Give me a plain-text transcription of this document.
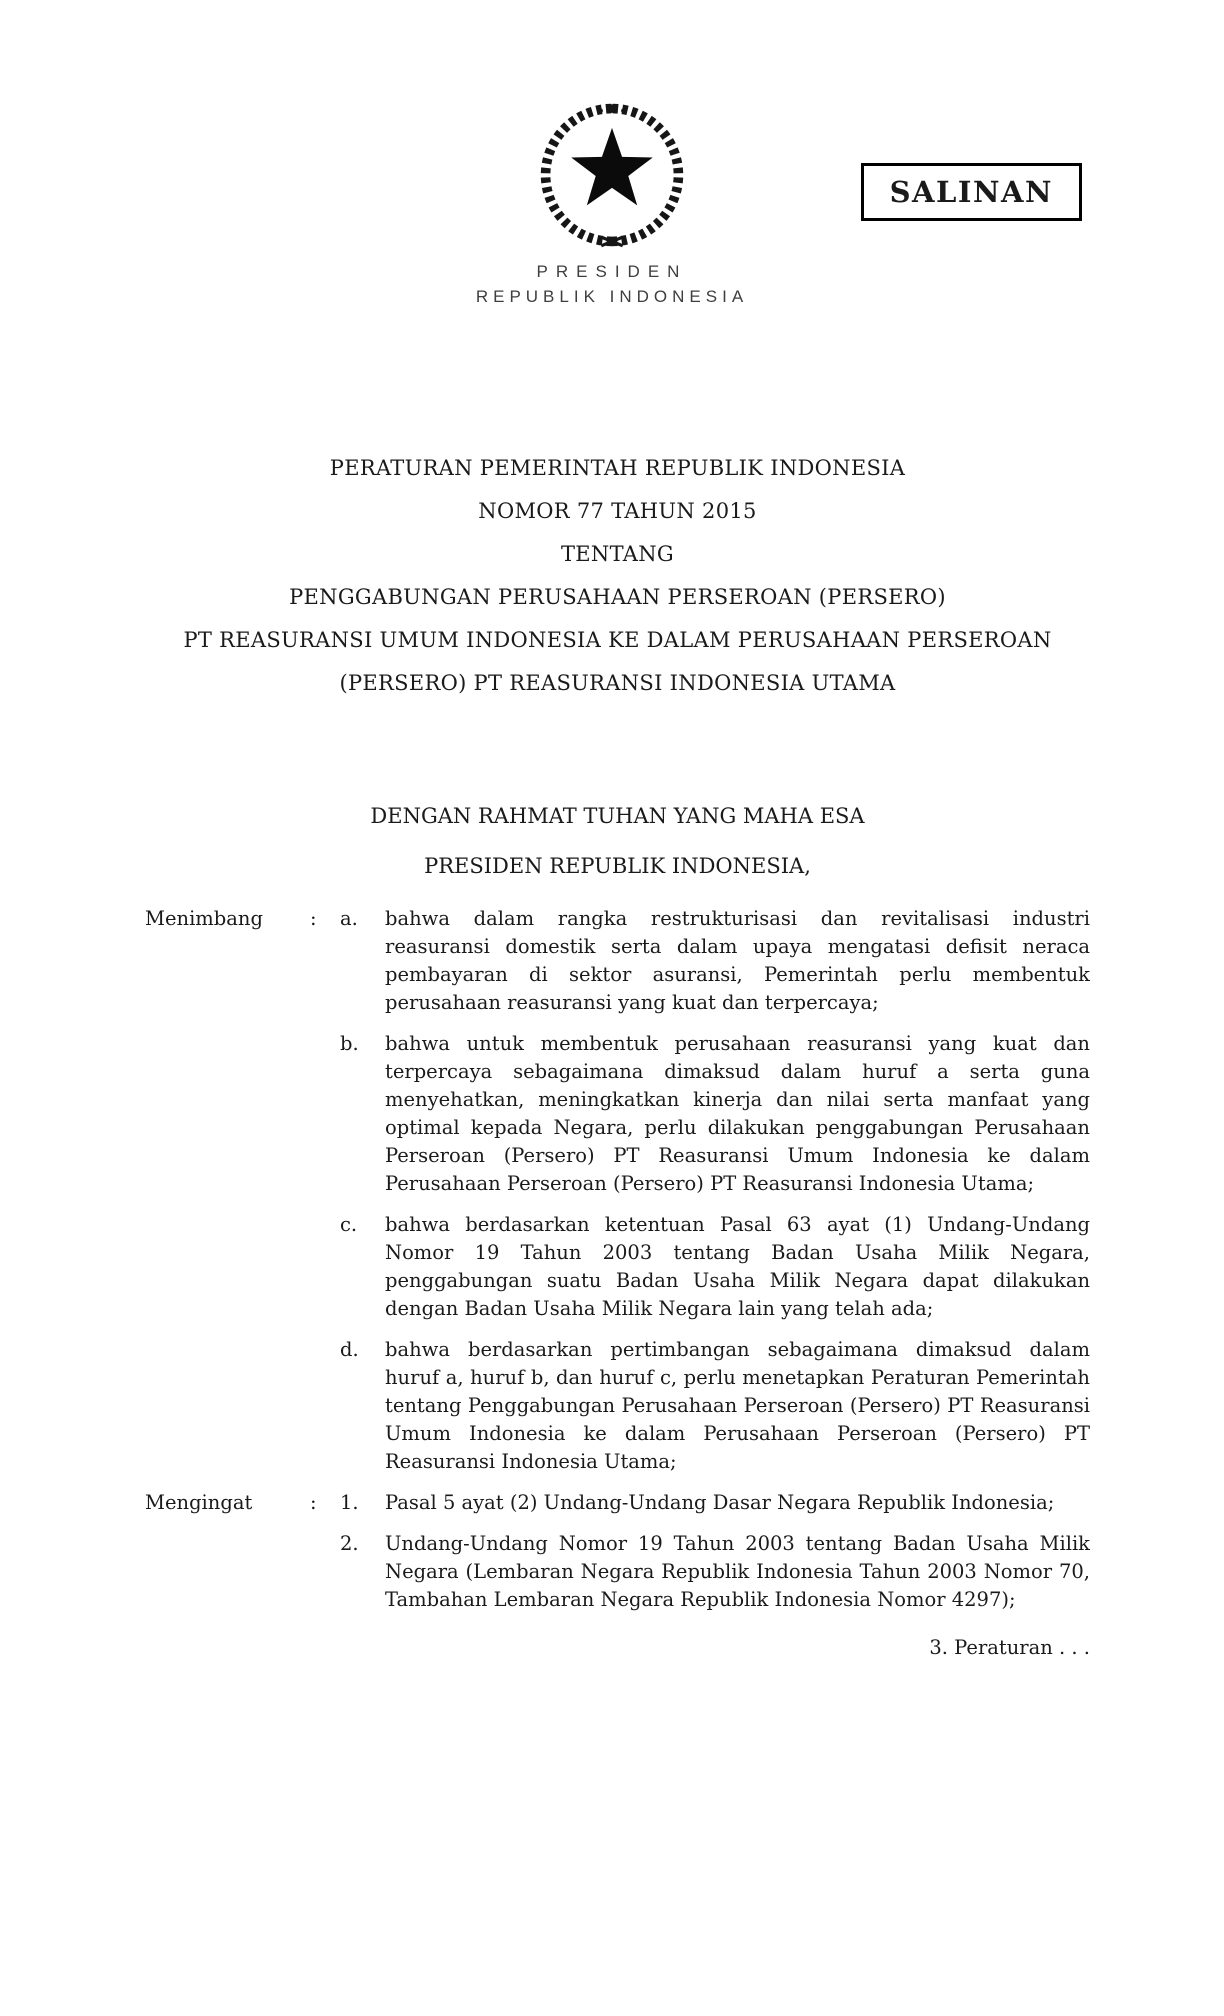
SALINAN
PRESIDEN
REPUBLIK INDONESIA
PERATURAN PEMERINTAH REPUBLIK INDONESIA
NOMOR 77 TAHUN 2015
TENTANG
PENGGABUNGAN PERUSAHAAN PERSEROAN (PERSERO)
PT REASURANSI UMUM INDONESIA KE DALAM PERUSAHAAN PERSEROAN
(PERSERO) PT REASURANSI INDONESIA UTAMA
DENGAN RAHMAT TUHAN YANG MAHA ESA
PRESIDEN REPUBLIK INDONESIA,
Menimbang	:	a.	bahwa dalam rangka restrukturisasi dan revitalisasi industri reasuransi domestik serta dalam upaya mengatasi defisit neraca pembayaran di sektor asuransi, Pemerintah perlu membentuk perusahaan reasuransi yang kuat dan terpercaya;
b.	bahwa untuk membentuk perusahaan reasuransi yang kuat dan terpercaya sebagaimana dimaksud dalam huruf a serta guna menyehatkan, meningkatkan kinerja dan nilai serta manfaat yang optimal kepada Negara, perlu dilakukan penggabungan Perusahaan Perseroan (Persero) PT Reasuransi Umum Indonesia ke dalam Perusahaan Perseroan (Persero) PT Reasuransi Indonesia Utama;
c.	bahwa berdasarkan ketentuan Pasal 63 ayat (1) Undang-Undang Nomor 19 Tahun 2003 tentang Badan Usaha Milik Negara, penggabungan suatu Badan Usaha Milik Negara dapat dilakukan dengan Badan Usaha Milik Negara lain yang telah ada;
d.	bahwa berdasarkan pertimbangan sebagaimana dimaksud dalam huruf a, huruf b, dan huruf c, perlu menetapkan Peraturan Pemerintah tentang Penggabungan Perusahaan Perseroan (Persero) PT Reasuransi Umum Indonesia ke dalam Perusahaan Perseroan (Persero) PT Reasuransi Indonesia Utama;
Mengingat	:	1.	Pasal 5 ayat (2) Undang-Undang Dasar Negara Republik Indonesia;
2.	Undang-Undang Nomor 19 Tahun 2003 tentang Badan Usaha Milik Negara (Lembaran Negara Republik Indonesia Tahun 2003 Nomor 70, Tambahan Lembaran Negara Republik Indonesia Nomor 4297);
3. Peraturan . . .
